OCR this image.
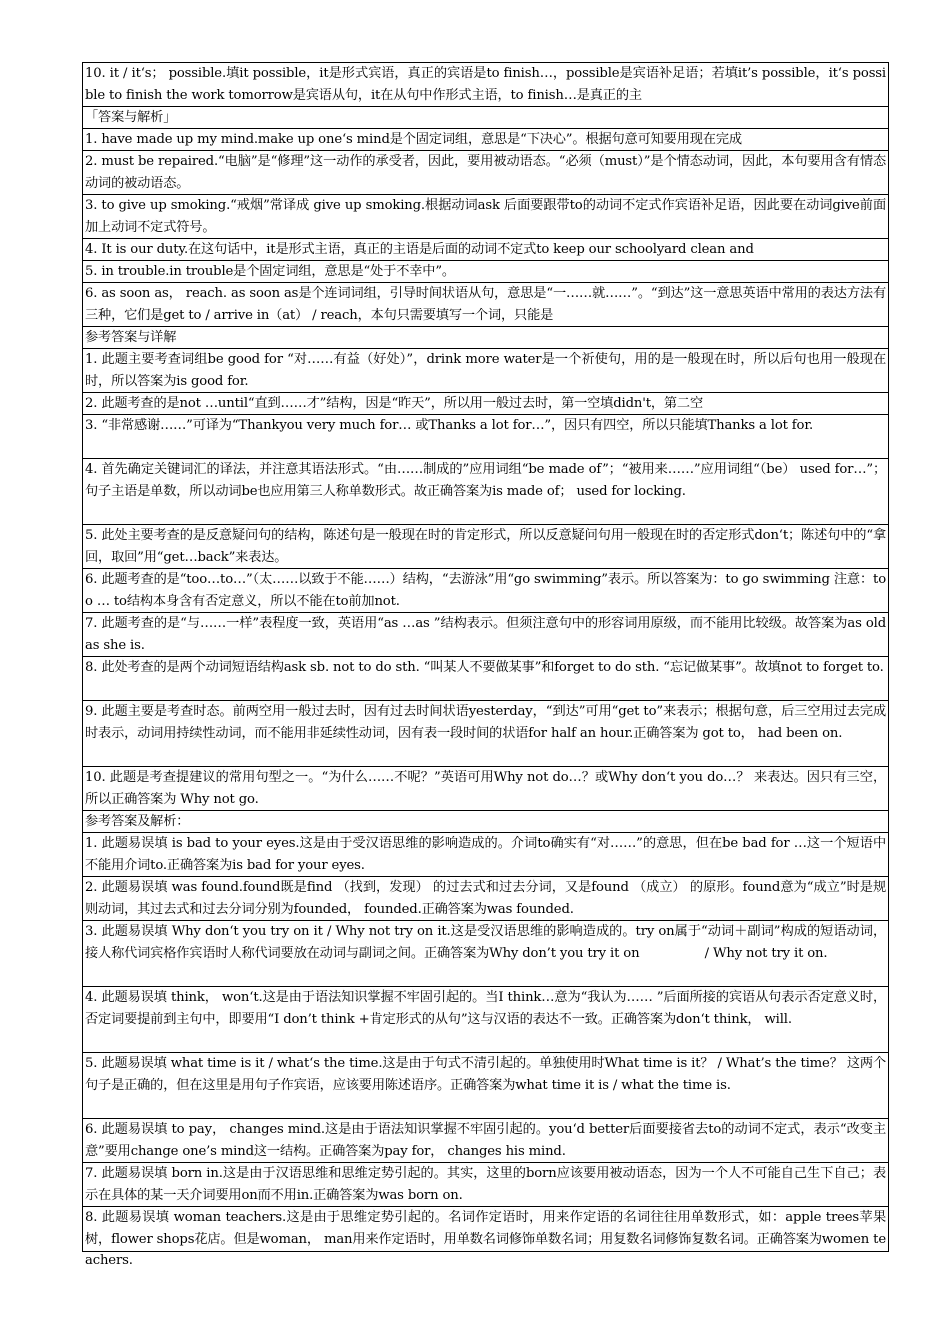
10. it / it‘s； possible.填it possible，it是形式宾语，真正的宾语是to finish…，possible是宾语补足语；若填it’s possible，it‘s possible to finish the work tomorrow是宾语从句，it在从句中作形式主语，to finish…是真正的主
「答案与解析」
1. have made up my mind.make up one‘s mind是个固定词组，意思是“下决心”。根据句意可知要用现在完成
2. must be repaired.“电脑”是“修理”这一动作的承受者，因此，要用被动语态。“必须（must）”是个情态动词，因此，本句要用含有情态动词的被动语态。
3. to give up smoking.“戒烟”常译成 give up smoking.根据动词ask 后面要跟带to的动词不定式作宾语补足语，因此要在动词give前面加上动词不定式符号。
4. It is our duty.在这句话中，it是形式主语，真正的主语是后面的动词不定式to keep our schoolyard clean and
5. in trouble.in trouble是个固定词组，意思是“处于不幸中”。
6. as soon as， reach. as soon as是个连词词组，引导时间状语从句，意思是“一……就……”。“到达”这一意思英语中常用的表达方法有三种，它们是get to / arrive in（at） / reach，本句只需要填写一个词，只能是
参考答案与详解
1. 此题主要考查词组be good for “对……有益（好处）”，drink more water是一个祈使句，用的是一般现在时，所以后句也用一般现在时，所以答案为is good for.
2. 此题考查的是not …until“直到……才”结构，因是“昨天”，所以用一般过去时，第一空填didn't，第二空
3. “非常感谢……”可译为“Thankyou very much for… 或Thanks a lot for…”，因只有四空，所以只能填Thanks a lot for.
4. 首先确定关键词汇的译法，并注意其语法形式。“由……制成的”应用词组“be made of”；“被用来……”应用词组“（be） used for…”；句子主语是单数，所以动词be也应用第三人称单数形式。故正确答案为is made of； used for locking.
5. 此处主要考查的是反意疑问句的结构，陈述句是一般现在时的肯定形式，所以反意疑问句用一般现在时的否定形式don‘t；陈述句中的“拿回，取回”用“get…back”来表达。
6. 此题考查的是“too…to…”（太……以致于不能……）结构，“去游泳”用“go swimming”表示。所以答案为：to go swimming 注意：too … to结构本身含有否定意义，所以不能在to前加not.
7. 此题考查的是“与……一样”表程度一致，英语用“as …as ”结构表示。但须注意句中的形容词用原级，而不能用比较级。故答案为as old as she is.
8. 此处考查的是两个动词短语结构ask sb. not to do sth. “叫某人不要做某事”和forget to do sth. “忘记做某事”。故填not to forget to.
9. 此题主要是考查时态。前两空用一般过去时，因有过去时间状语yesterday，“到达”可用“get to”来表示；根据句意，后三空用过去完成时表示，动词用持续性动词，而不能用非延续性动词，因有表一段时间的状语for half an hour.正确答案为 got to， had been on.
10. 此题是考查提建议的常用句型之一。“为什么……不呢？”英语可用Why not do…？或Why don‘t you do…？ 来表达。因只有三空，所以正确答案为 Why not go.
参考答案及解析：
1. 此题易误填 is bad to your eyes.这是由于受汉语思维的影响造成的。介词to确实有“对……”的意思，但在be bad for …这一个短语中不能用介词to.正确答案为is bad for your eyes.
2. 此题易误填 was found.found既是find （找到，发现） 的过去式和过去分词，又是found （成立） 的原形。found意为“成立”时是规则动词，其过去式和过去分词分别为founded， founded.正确答案为was founded.
3. 此题易误填 Why don‘t you try on it / Why not try on it.这是受汉语思维的影响造成的。try on属于“动词＋副词”构成的短语动词，接人称代词宾格作宾语时人称代词要放在动词与副词之间。正确答案为Why don’t you try it on　　　　　/ Why not try it on.
4. 此题易误填 think， won‘t.这是由于语法知识掌握不牢固引起的。当I think…意为“我认为…… ”后面所接的宾语从句表示否定意义时，否定词要提前到主句中，即要用“I don’t think +肯定形式的从句”这与汉语的表达不一致。正确答案为don‘t think， will.
5. 此题易误填 what time is it / what‘s the time.这是由于句式不清引起的。单独使用时What time is it？ / What’s the time？ 这两个句子是正确的，但在这里是用句子作宾语，应该要用陈述语序。正确答案为what time it is / what the time is.
6. 此题易误填 to pay， changes mind.这是由于语法知识掌握不牢固引起的。you‘d better后面要接省去to的动词不定式，表示“改变主意”要用change one’s mind这一结构。正确答案为pay for， changes his mind.
7. 此题易误填 born in.这是由于汉语思维和思维定势引起的。其实，这里的born应该要用被动语态，因为一个人不可能自己生下自己；表示在具体的某一天介词要用on而不用in.正确答案为was born on.
8. 此题易误填 woman teachers.这是由于思维定势引起的。名词作定语时，用来作定语的名词往往用单数形式，如：apple trees苹果树，flower shops花店。但是woman， man用来作定语时，用单数名词修饰单数名词；用复数名词修饰复数名词。正确答案为women teachers.
